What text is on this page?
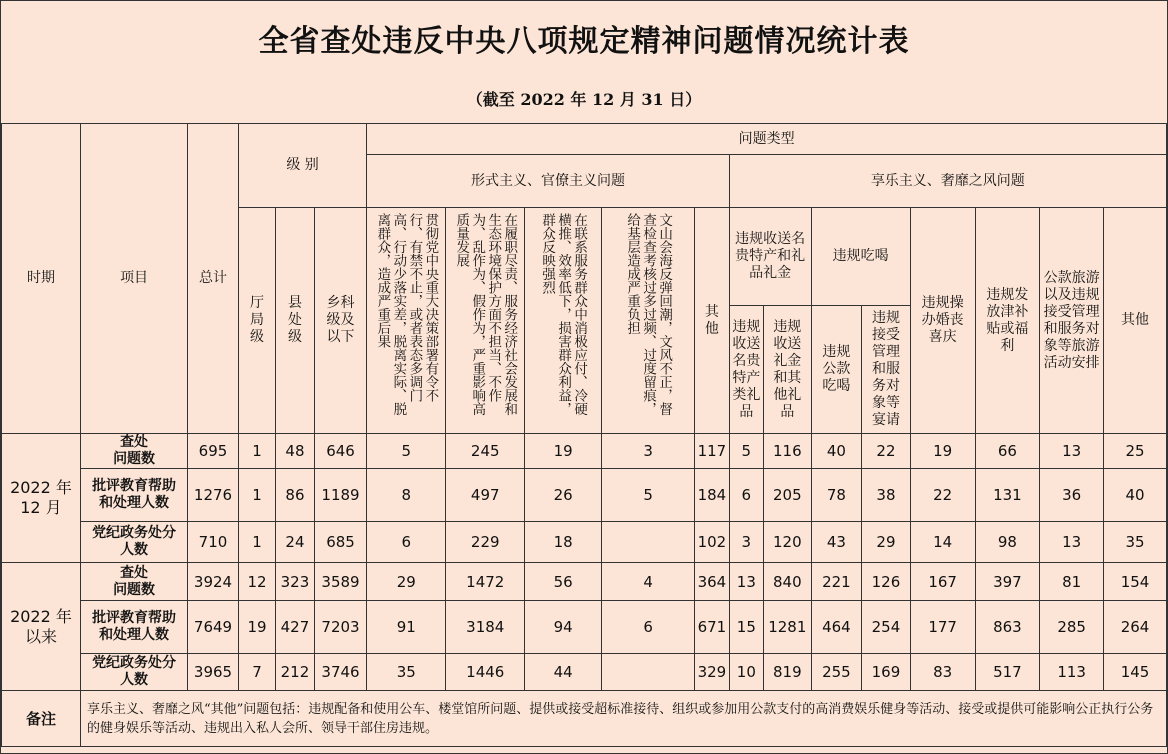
全省查处违反中央八项规定精神问题情况统计表
（截至 2022 年 12 月 31 日）
时期	项目	总计	级 别			问题类型												
						形式主义、官僚主义问题					享乐主义、奢靡之风问题							

			厅局级	县处级	乡科级及以下	贯彻党中央重大决策部署有令不行、有禁不止，或者表态多调门高、行动少落实差，脱离实际、脱离群众，造成严重后果	在履职尽责、服务经济社会发展和生态环境保护方面不担当、不作为、乱作为、假作为，严重影响高质量发展	在联系服务群众中消极应付、冷硬横推、效率低下，损害群众利益，群众反映强烈	文山会海反弹回潮，文风不正，督查检查考核过多过频、过度留痕，给基层造成严重负担	其他	违规收送名贵特产和礼品礼金		违规吃喝		违规操办婚丧喜庆	违规发放津补贴或福利	公款旅游以及违规接受管理和服务对象等旅游活动安排	其他

											违规收送名贵特产类礼品	违规收送礼金和其他礼品	违规公款吃喝	违规接受管理和服务对象等宴请				

2022 年
12 月	查处
问题数	695	1	48	646	5	245	19	3	117	5	116	40	22	19	66	13	25

	批评教育帮助
和处理人数	1276	1	86	1189	8	497	26	5	184	6	205	78	38	22	131	36	40

	党纪政务处分
人数	710	1	24	685	6	229	18		102	3	120	43	29	14	98	13	35

2022 年
以来	查处
问题数	3924	12	323	3589	29	1472	56	4	364	13	840	221	126	167	397	81	154

	批评教育帮助
和处理人数	7649	19	427	7203	91	3184	94	6	671	15	1281	464	254	177	863	285	264

	党纪政务处分
人数	3965	7	212	3746	35	1446	44		329	10	819	255	169	83	517	113	145
备注	享乐主义、奢靡之风“其他”问题包括：违规配备和使用公车、楼堂馆所问题、提供或接受超标准接待、组织或参加用公款支付的高消费娱乐健身等活动、接受或提供可能影响公正执行公务的健身娱乐等活动、违规出入私人会所、领导干部住房违规。																	
